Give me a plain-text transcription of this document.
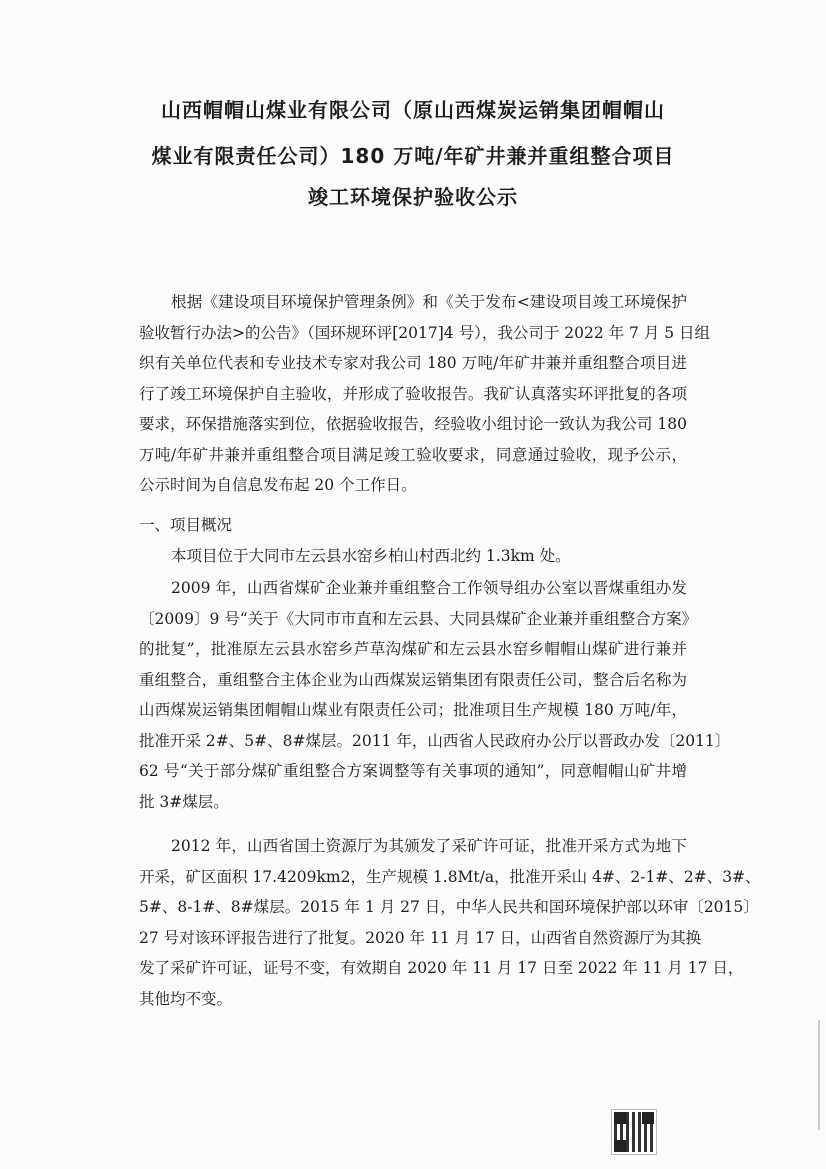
山西帽帽山煤业有限公司（原山西煤炭运销集团帽帽山
煤业有限责任公司）180 万吨/年矿井兼并重组整合项目
竣工环境保护验收公示
根据《建设项目环境保护管理条例》和《关于发布<建设项目竣工环境保护
验收暂行办法>的公告》（国环规环评[2017]4 号），我公司于 2022 年 7 月 5 日组
织有关单位代表和专业技术专家对我公司 180 万吨/年矿井兼并重组整合项目进
行了竣工环境保护自主验收，并形成了验收报告。我矿认真落实环评批复的各项
要求，环保措施落实到位，依据验收报告，经验收小组讨论一致认为我公司 180
万吨/年矿井兼并重组整合项目满足竣工验收要求，同意通过验收，现予公示，
公示时间为自信息发布起 20 个工作日。
一、项目概况
本项目位于大同市左云县水窑乡柏山村西北约 1.3km 处。
2009 年，山西省煤矿企业兼并重组整合工作领导组办公室以晋煤重组办发
〔2009〕9 号“关于《大同市市直和左云县、大同县煤矿企业兼并重组整合方案》
的批复”，批准原左云县水窑乡芦草沟煤矿和左云县水窑乡帽帽山煤矿进行兼并
重组整合，重组整合主体企业为山西煤炭运销集团有限责任公司，整合后名称为
山西煤炭运销集团帽帽山煤业有限责任公司；批准项目生产规模 180 万吨/年，
批准开采 2#、5#、8#煤层。2011 年，山西省人民政府办公厅以晋政办发〔2011〕
62 号“关于部分煤矿重组整合方案调整等有关事项的通知”，同意帽帽山矿井增
批 3#煤层。
2012 年，山西省国土资源厅为其颁发了采矿许可证，批准开采方式为地下
开采，矿区面积 17.4209km2，生产规模 1.8Mt/a，批准开采山 4#、2-1#、2#、3#、
5#、8-1#、8#煤层。2015 年 1 月 27 日，中华人民共和国环境保护部以环审〔2015〕
27 号对该环评报告进行了批复。2020 年 11 月 17 日，山西省自然资源厅为其换
发了采矿许可证，证号不变，有效期自 2020 年 11 月 17 日至 2022 年 11 月 17 日，
其他均不变。
